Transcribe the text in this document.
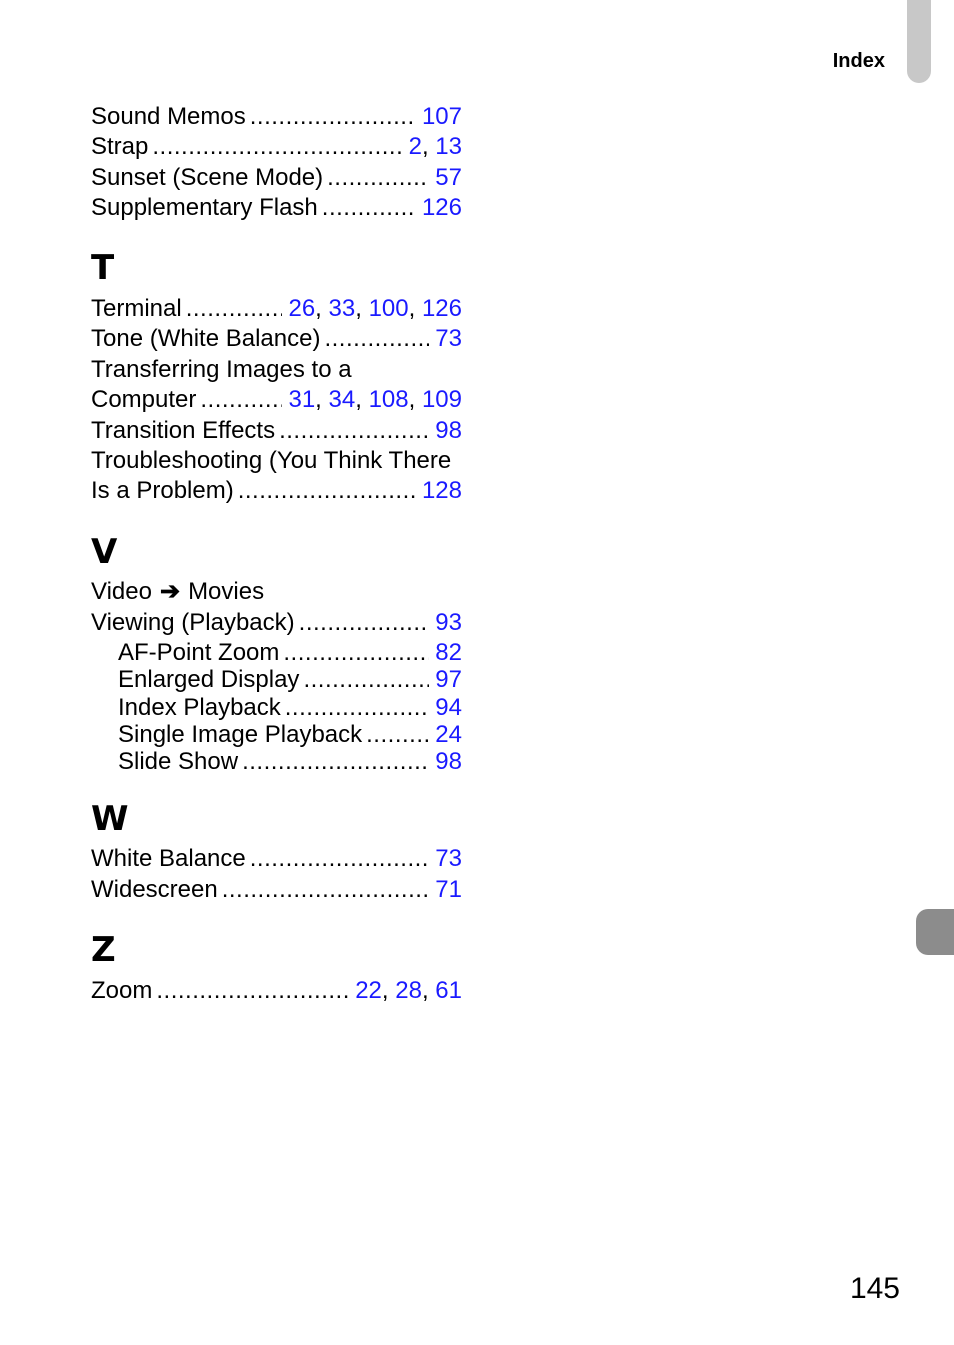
Index
Sound Memos .....	107
Strap .....	2, 13
Sunset (Scene Mode) .....	57
Supplementary Flash .....	126
T
Terminal .....	26, 33, 100, 126
Tone (White Balance) .....	73
Transferring Images to a
Computer .....	31, 34, 108, 109
Transition Effects .....	98
Troubleshooting (You Think There
Is a Problem) .....	128
V
Video ➔ Movies
Viewing (Playback) .....	93
AF-Point Zoom .....	82
Enlarged Display .....	97
Index Playback .....	94
Single Image Playback .....	24
Slide Show .....	98
W
White Balance .....	73
Widescreen .....	71
Z
Zoom .....	22, 28, 61
145
